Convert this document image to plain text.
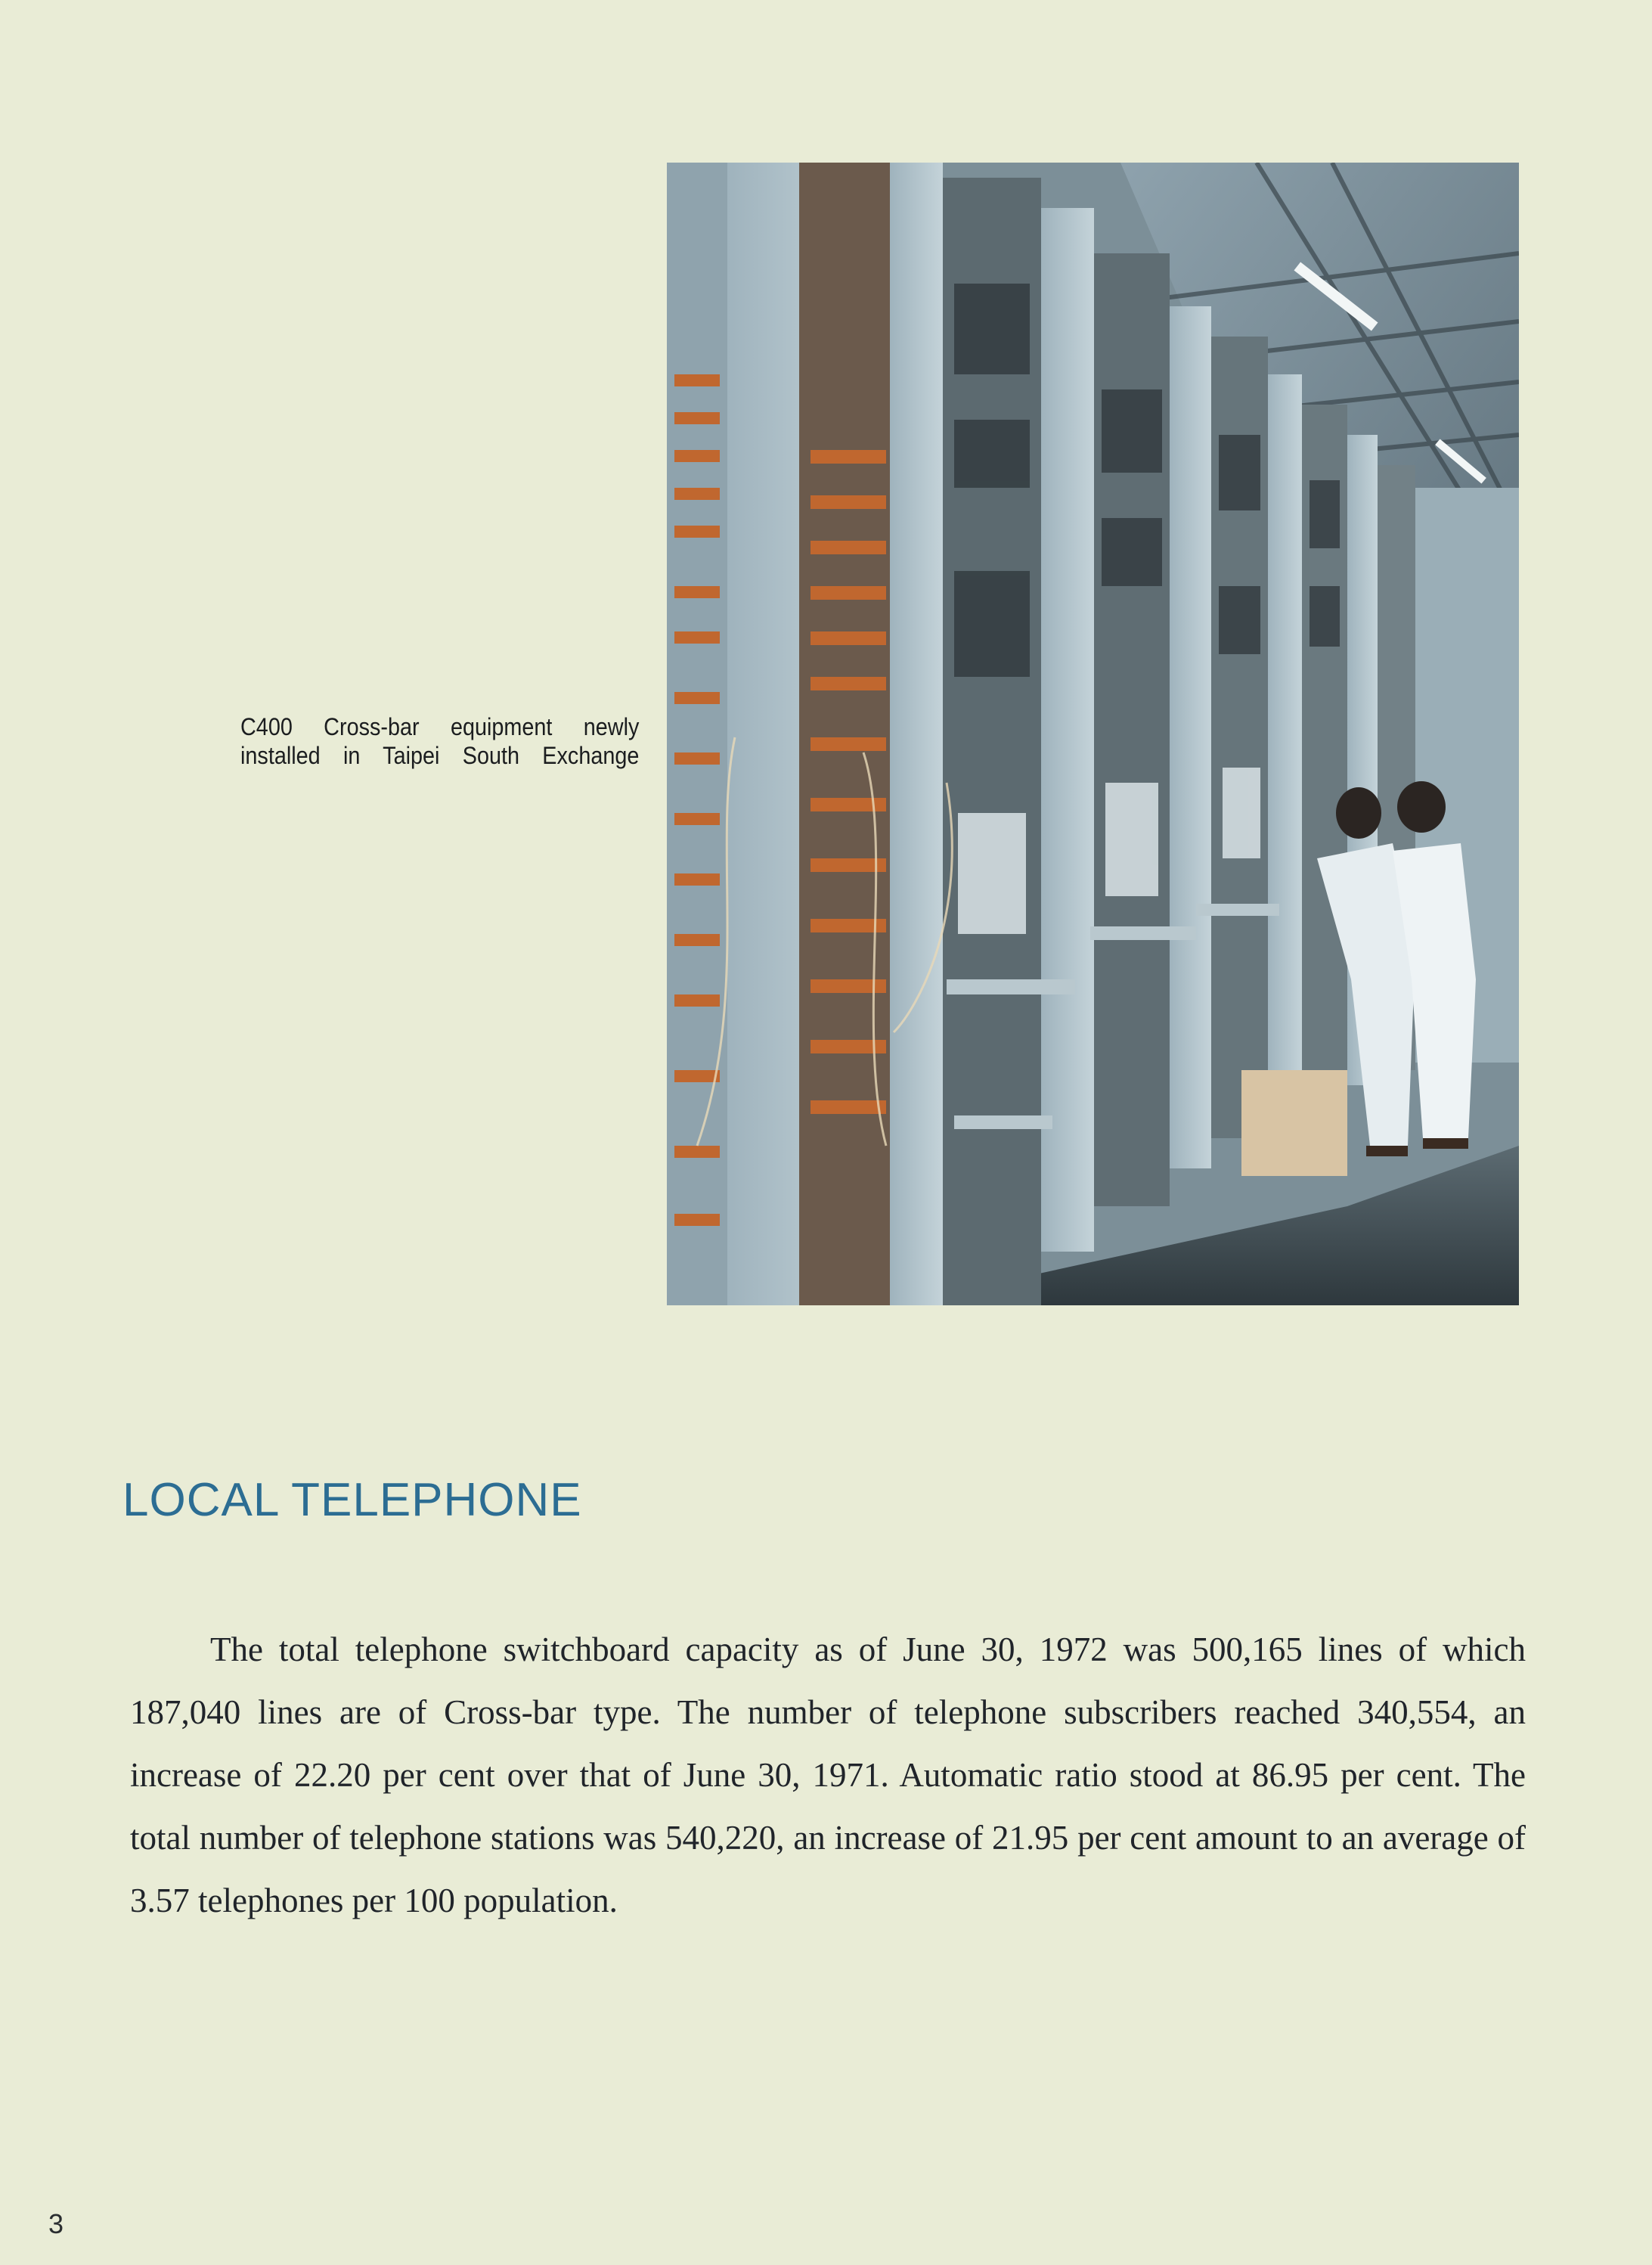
C400 Cross-bar equipment newly
installed in Taipei South Exchange
LOCAL TELEPHONE

The total telephone switchboard capacity as of June 30, 1972 was 500,165 lines of which 187,040 lines are of Cross-bar type. The number of telephone subscribers reached 340,554, an increase of 22.20 per cent over that of June 30, 1971. Automatic ratio stood at 86.95 per cent. The total number of telephone stations was 540,220, an increase of 21.95 per cent amount to an average of 3.57 telephones per 100 population.

3
